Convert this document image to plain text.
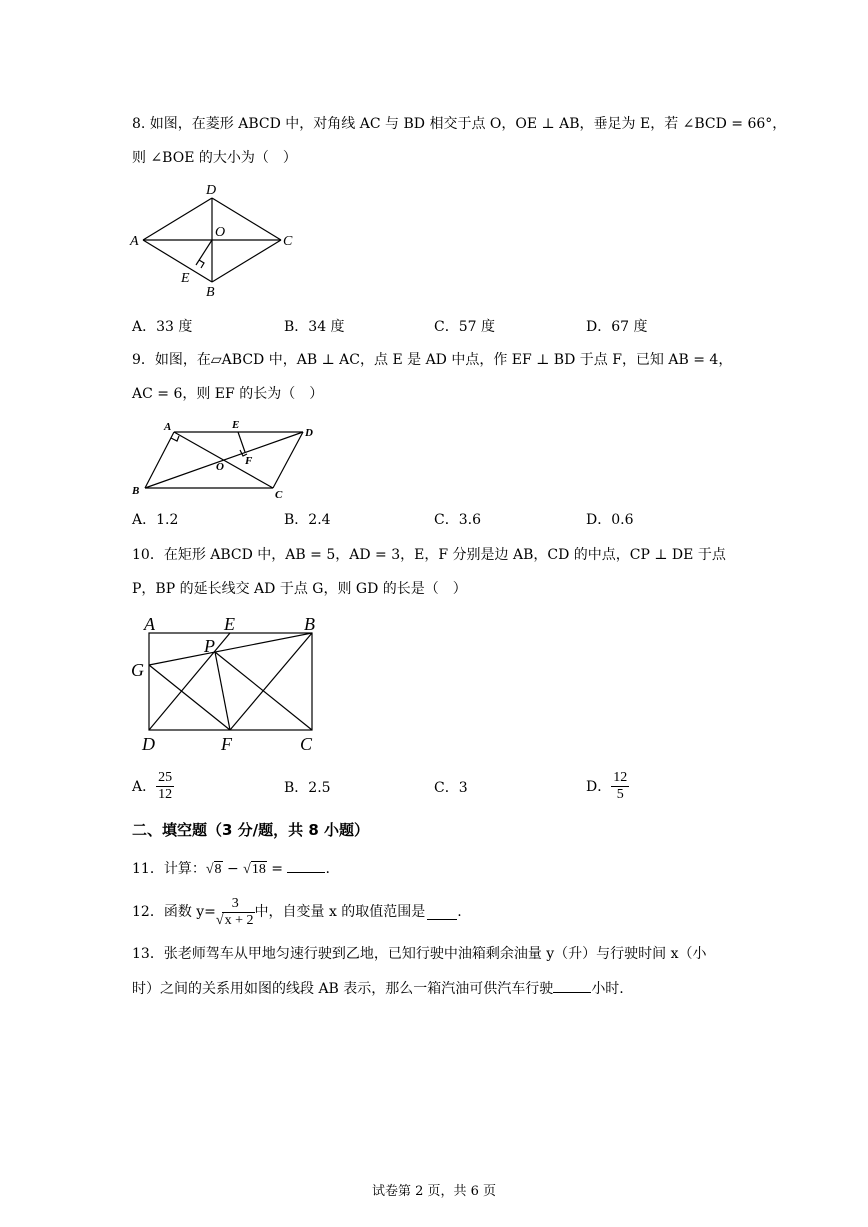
8. 如图，在菱形 ABCD 中，对角线 AC 与 BD 相交于点 O，OE ⊥ AB，垂足为 E，若 ∠BCD = 66°，
则 ∠BOE 的大小为（　）
D
A
O
C
E
B
A．33 度	B．34 度	C．57 度	D．67 度
9．如图，在▱ABCD 中，AB ⊥ AC，点 E 是 AD 中点，作 EF ⊥ BD 于点 F，已知 AB = 4，
AC = 6，则 EF 的长为（　）
A	E
D
F
O
B	C
A．1.2	B．2.4	C．3.6	D．0.6
10．在矩形 ABCD 中，AB = 5，AD = 3，E，F 分别是边 AB，CD 的中点，CP ⊥ DE 于点
P，BP 的延长线交 AD 于点 G，则 GD 的长是（　）
A	E	B
P
G
D	F	C
A． $\frac{25}{12}$	B．2.5	C．3	D． $\frac{12}{5}$
二、填空题（3 分/题，共 8 小题）
11．计算：√8 − √18 =	.
12．函数 $y= \frac{3}{√x + 2}$ 中，自变量 x 的取值范围是 .
13．张老师驾车从甲地匀速行驶到乙地，已知行驶中油箱剩余油量 y（升）与行驶时间 x（小
时）之间的关系用如图的线段 AB 表示，那么一箱汽油可供汽车行驶	小时.
试卷第 2 页，共 6 页
